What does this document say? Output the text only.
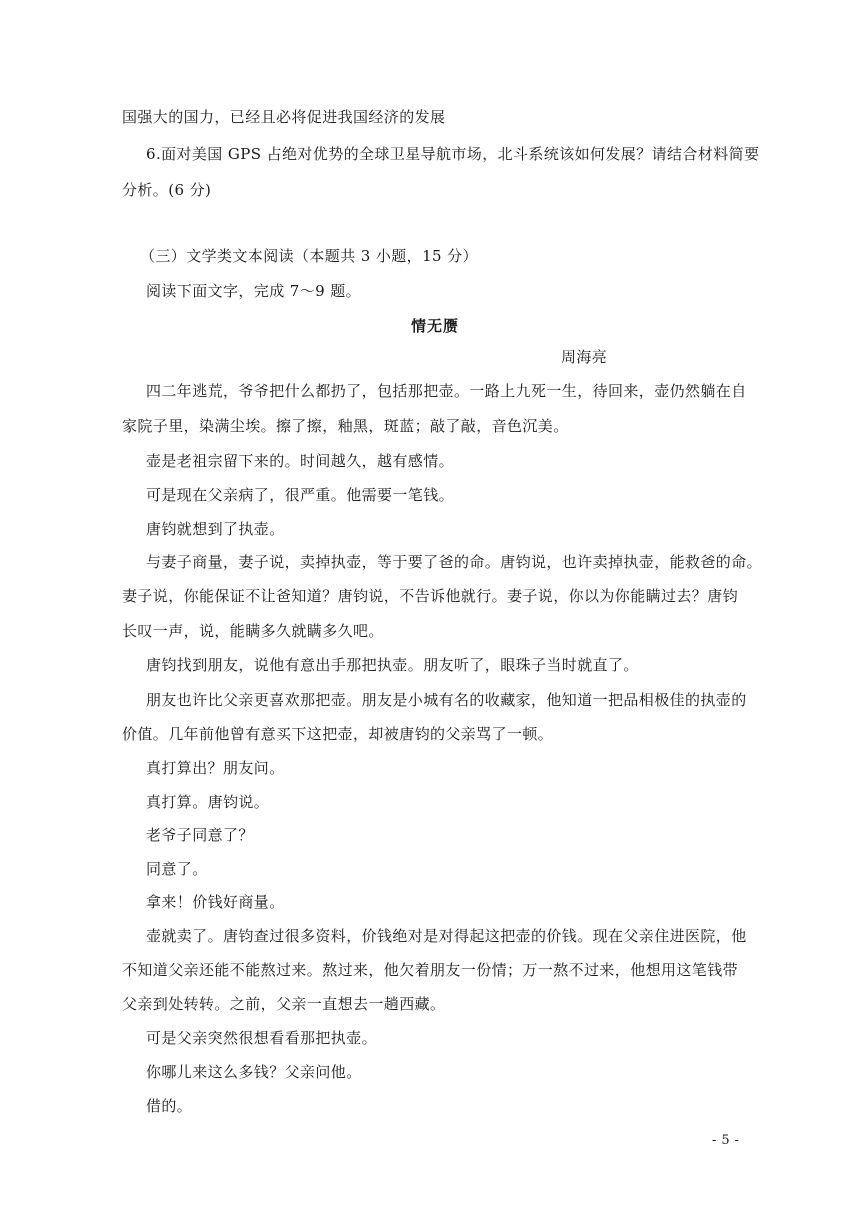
国强大的国力，已经且必将促进我国经济的发展
6.面对美国 GPS 占绝对优势的全球卫星导航市场，北斗系统该如何发展？请结合材料简要
分析。(6 分)
（三）文学类文本阅读（本题共 3 小题，15 分）
阅读下面文字，完成 7～9 题。
情无赝
周海亮
四二年逃荒，爷爷把什么都扔了，包括那把壶。一路上九死一生，待回来，壶仍然躺在自
家院子里，染满尘埃。擦了擦，釉黑，斑蓝；敲了敲，音色沉美。
壶是老祖宗留下来的。时间越久，越有感情。
可是现在父亲病了，很严重。他需要一笔钱。
唐钧就想到了执壶。
与妻子商量，妻子说，卖掉执壶，等于要了爸的命。唐钧说，也许卖掉执壶，能救爸的命。
妻子说，你能保证不让爸知道？唐钧说，不告诉他就行。妻子说，你以为你能瞒过去？唐钧
长叹一声，说，能瞒多久就瞒多久吧。
唐钧找到朋友，说他有意出手那把执壶。朋友听了，眼珠子当时就直了。
朋友也许比父亲更喜欢那把壶。朋友是小城有名的收藏家，他知道一把品相极佳的执壶的
价值。几年前他曾有意买下这把壶，却被唐钧的父亲骂了一顿。
真打算出？朋友问。
真打算。唐钧说。
老爷子同意了？
同意了。
拿来！价钱好商量。
壶就卖了。唐钧查过很多资料，价钱绝对是对得起这把壶的价钱。现在父亲住进医院，他
不知道父亲还能不能熬过来。熬过来，他欠着朋友一份情；万一熬不过来，他想用这笔钱带
父亲到处转转。之前，父亲一直想去一趟西藏。
可是父亲突然很想看看那把执壶。
你哪儿来这么多钱？父亲问他。
借的。
- 5 -
